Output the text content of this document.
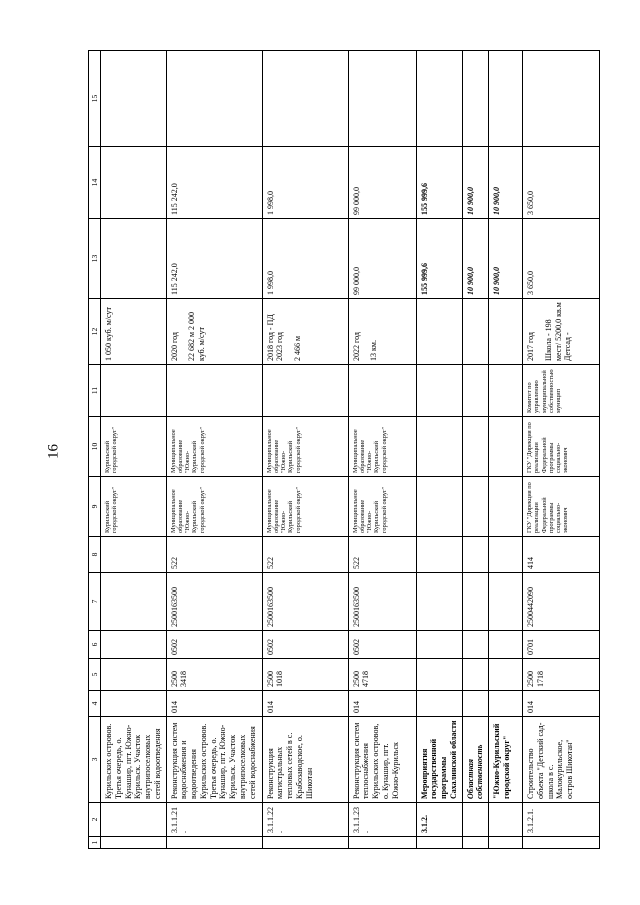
16
1	2	3	4	5	6	7	8	9	10	11	12	13	14	15
		Курильских островов. Третья очередь, о. Кунашир, пгт. Южно-Курильск. Участок внутрипоселковых сетей водоотведения						Курильский городской округ"	Курильский городской округ"		1 050 куб. м/сут

	3.1.1.21.	Реконструкция систем водоснабжения и водоотведения Курильских островов. Третья очередь, о. Кунашир, пгт. Южно-Курильск. Участок внутрипоселковых сетей водоснабжения	014	2500 3418	0502	2500163500	522	Муниципальное образование "Южно-Курильский городской округ"	Муниципальное образование "Южно-Курильский городской округ"		2020 год 22 682 м 2 000 куб. м/сут	115 242,0	115 242,0	
	3.1.1.22.	Реконструкция магистральных тепловых сетей в с. Крабозаводское, о. Шикотан	014	2500 1018	0502	2500163500	522	Муниципальное образование "Южно-Курильский городской округ"	Муниципальное образование "Южно-Курильский городской округ"		2018 год - ПД 2023 год 2 466 м	1 998,0	1 998,0	
	3.1.1.23.	Реконструкция систем теплоснабжения Курильских островов, о. Кунашир, пгт. Южно-Курильск	014	2500 4718	0502	2500163500	522	Муниципальное образование "Южно-Курильский городской округ"	Муниципальное образование "Южно-Курильский городской округ"		2022 год 13 км.	99 000,0	99 000,0	
	3.1.2.	Мероприятия государственной программы Сахалинской области										155 999,6	155 999,6	
		Областная собственность										10 900,0	10 900,0	
		"Южно-Курильский городской округ"										10 900,0	10 900,0	
	3.1.2.1.	Строительство объекта "Детский сад-школа в с. Малокурильское, остров Шикотан"	014	2500 1718	0701	2500442090	414	ГКУ "Дирекция по реализации Федеральной программы социально-экономич	ГКУ "Дирекция по реализации Федеральной программы социально-экономич	Комитет по управлению муниципальной собственностью муницип	2017 год Школа - 198 мест/ 5200,0 кв.м Детсад -	3 650,0	3 650,0	
